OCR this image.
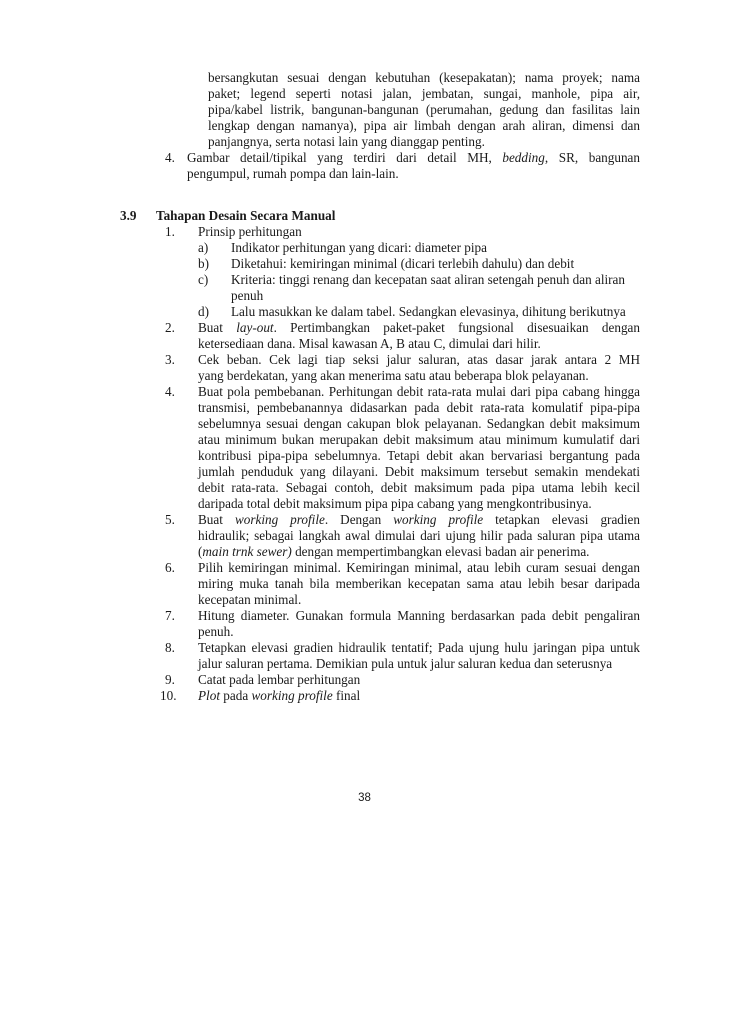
bersangkutan sesuai dengan kebutuhan (kesepakatan); nama proyek; nama
paket; legend seperti notasi jalan, jembatan, sungai, manhole, pipa air,
pipa/kabel listrik, bangunan-bangunan (perumahan, gedung dan fasilitas lain
lengkap dengan namanya), pipa air limbah dengan arah aliran, dimensi dan
panjangnya, serta notasi lain yang dianggap penting.
4. Gambar detail/tipikal yang terdiri dari detail MH, bedding, SR, bangunan
pengumpul, rumah pompa dan lain-lain.
3.9 Tahapan Desain Secara Manual
1. Prinsip perhitungan
a) Indikator perhitungan yang dicari: diameter pipa
b) Diketahui: kemiringan minimal (dicari terlebih dahulu) dan debit
c) Kriteria: tinggi renang dan kecepatan saat aliran setengah penuh dan aliran
penuh
d) Lalu masukkan ke dalam tabel. Sedangkan elevasinya, dihitung berikutnya
2. Buat lay-out. Pertimbangkan paket-paket fungsional disesuaikan dengan
ketersediaan dana. Misal kawasan A, B atau C, dimulai dari hilir.
3. Cek beban. Cek lagi tiap seksi jalur saluran, atas dasar jarak antara 2 MH
yang berdekatan, yang akan menerima satu atau beberapa blok pelayanan.
4. Buat pola pembebanan. Perhitungan debit rata-rata mulai dari pipa cabang hingga
transmisi, pembebanannya didasarkan pada debit rata-rata komulatif pipa-pipa
sebelumnya sesuai dengan cakupan blok pelayanan. Sedangkan debit maksimum
atau minimum bukan merupakan debit maksimum atau minimum kumulatif dari
kontribusi pipa-pipa sebelumnya. Tetapi debit akan bervariasi bergantung pada
jumlah penduduk yang dilayani. Debit maksimum tersebut semakin mendekati
debit rata-rata. Sebagai contoh, debit maksimum pada pipa utama lebih kecil
daripada total debit maksimum pipa pipa cabang yang mengkontribusinya.
5. Buat working profile. Dengan working profile tetapkan elevasi gradien
hidraulik; sebagai langkah awal dimulai dari ujung hilir pada saluran pipa utama
(main trnk sewer) dengan mempertimbangkan elevasi badan air penerima.
6. Pilih kemiringan minimal. Kemiringan minimal, atau lebih curam sesuai dengan
miring muka tanah bila memberikan kecepatan sama atau lebih besar daripada
kecepatan minimal.
7. Hitung diameter. Gunakan formula Manning berdasarkan pada debit pengaliran
penuh.
8. Tetapkan elevasi gradien hidraulik tentatif; Pada ujung hulu jaringan pipa untuk
jalur saluran pertama. Demikian pula untuk jalur saluran kedua dan seterusnya
9. Catat pada lembar perhitungan
10. Plot pada working profile final
38
